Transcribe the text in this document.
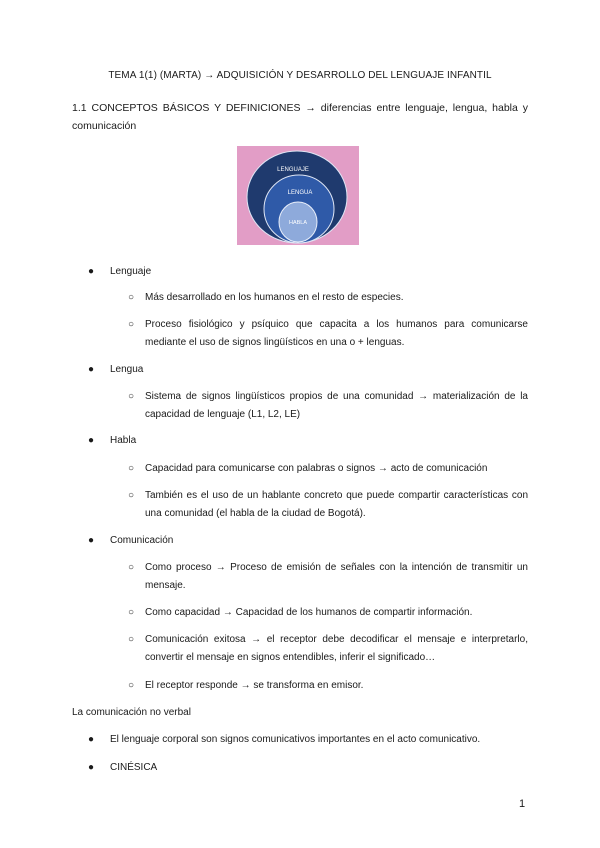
TEMA 1(1) (MARTA) → ADQUISICIÓN Y DESARROLLO DEL LENGUAJE INFANTIL
1.1 CONCEPTOS BÁSICOS Y DEFINICIONES → diferencias entre lenguaje, lengua, habla y comunicación
LENGUAJE
LENGUA
HABLA
● Lenguaje
○ Más desarrollado en los humanos en el resto de especies.
○ Proceso fisiológico y psíquico que capacita a los humanos para comunicarse mediante el uso de signos lingüísticos en una o + lenguas.
● Lengua
○ Sistema de signos lingüísticos propios de una comunidad → materialización de la capacidad de lenguaje (L1, L2, LE)
● Habla
○ Capacidad para comunicarse con palabras o signos → acto de comunicación
○ También es el uso de un hablante concreto que puede compartir características con una comunidad (el habla de la ciudad de Bogotá).
● Comunicación
○ Como proceso → Proceso de emisión de señales con la intención de transmitir un mensaje.
○ Como capacidad → Capacidad de los humanos de compartir información.
○ Comunicación exitosa → el receptor debe decodificar el mensaje e interpretarlo, convertir el mensaje en signos entendibles, inferir el significado…
○ El receptor responde → se transforma en emisor.
La comunicación no verbal
● El lenguaje corporal son signos comunicativos importantes en el acto comunicativo.
● CINÉSICA
1
